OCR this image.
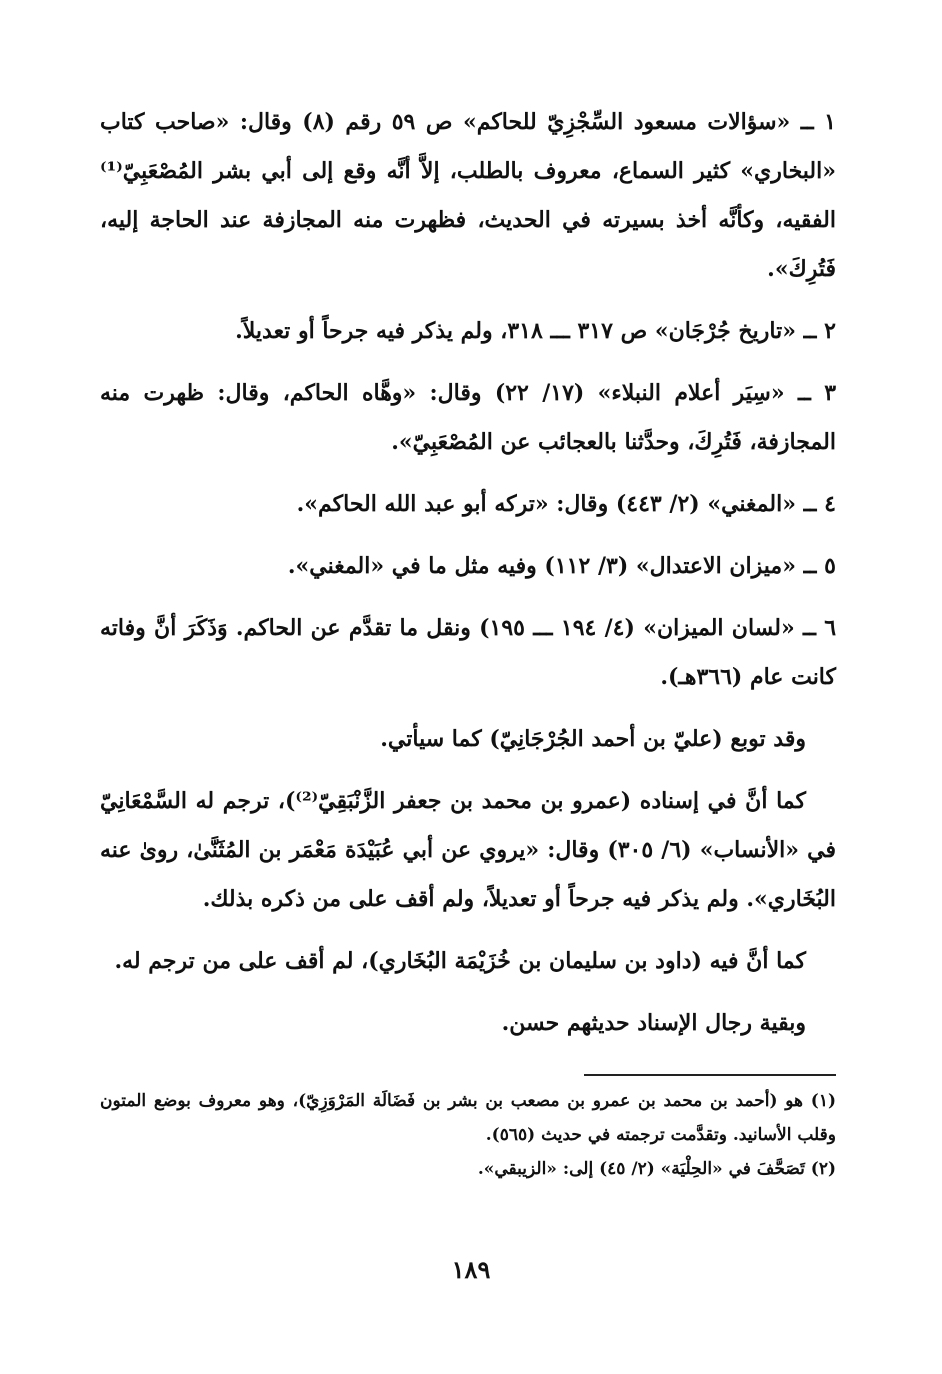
١ ــ «سؤالات مسعود السِّجْزِيّ للحاكم» ص ٥٩ رقم (٨) وقال: «صاحب كتاب «البخاري» كثير السماع، معروف بالطلب، إلاَّ أنَّه وقع إلى أبي بشر المُصْعَبِيّ⁽¹⁾ الفقيه، وكأنَّه أخذ بسيرته في الحديث، فظهرت منه المجازفة عند الحاجة إليه، فَتُرِكَ».

٢ ــ «تاريخ جُرْجَان» ص ٣١٧ ـــ ٣١٨، ولم يذكر فيه جرحاً أو تعديلاً.

٣ ــ «سِيَر أعلام النبلاء» (١٧/ ٢٢) وقال: «وهَّاه الحاكم، وقال: ظهرت منه المجازفة، فَتُرِكَ، وحدَّثنا بالعجائب عن المُصْعَبِيّ».

٤ ــ «المغني» (٢/ ٤٤٣) وقال: «تركه أبو عبد الله الحاكم».

٥ ــ «ميزان الاعتدال» (٣/ ١١٢) وفيه مثل ما في «المغني».

٦ ــ «لسان الميزان» (٤/ ١٩٤ ـــ ١٩٥) ونقل ما تقدَّم عن الحاكم. وَذَكَرَ أنَّ وفاته كانت عام (٣٦٦هـ).

وقد توبع (عليّ بن أحمد الجُرْجَانِيّ) كما سيأتي.

كما أنَّ في إسناده (عمرو بن محمد بن جعفر الزَّنْبَقِيّ⁽²⁾)، ترجم له السَّمْعَانِيّ في «الأنساب» (٦/ ٣٠٥) وقال: «يروي عن أبي عُبَيْدَة مَعْمَر بن المُثَنَّىٰ، روىٰ عنه البُخَاري». ولم يذكر فيه جرحاً أو تعديلاً، ولم أقف على من ذكره بذلك.

كما أنَّ فيه (داود بن سليمان بن خُزَيْمَة البُخَاري)، لم أقف على من ترجم له.

وبقية رجال الإسناد حديثهم حسن.

(١) هو (أحمد بن محمد بن عمرو بن مصعب بن بشر بن فَضَالَة المَرْوَزِيّ)، وهو معروف بوضع المتون وقلب الأسانيد. وتقدَّمت ترجمته في حديث (٥٦٥).

(٢) تَصَحَّفَ في «الحِلْيَة» (٢/ ٤٥) إلى: «الزيبقي».

١٨٩
